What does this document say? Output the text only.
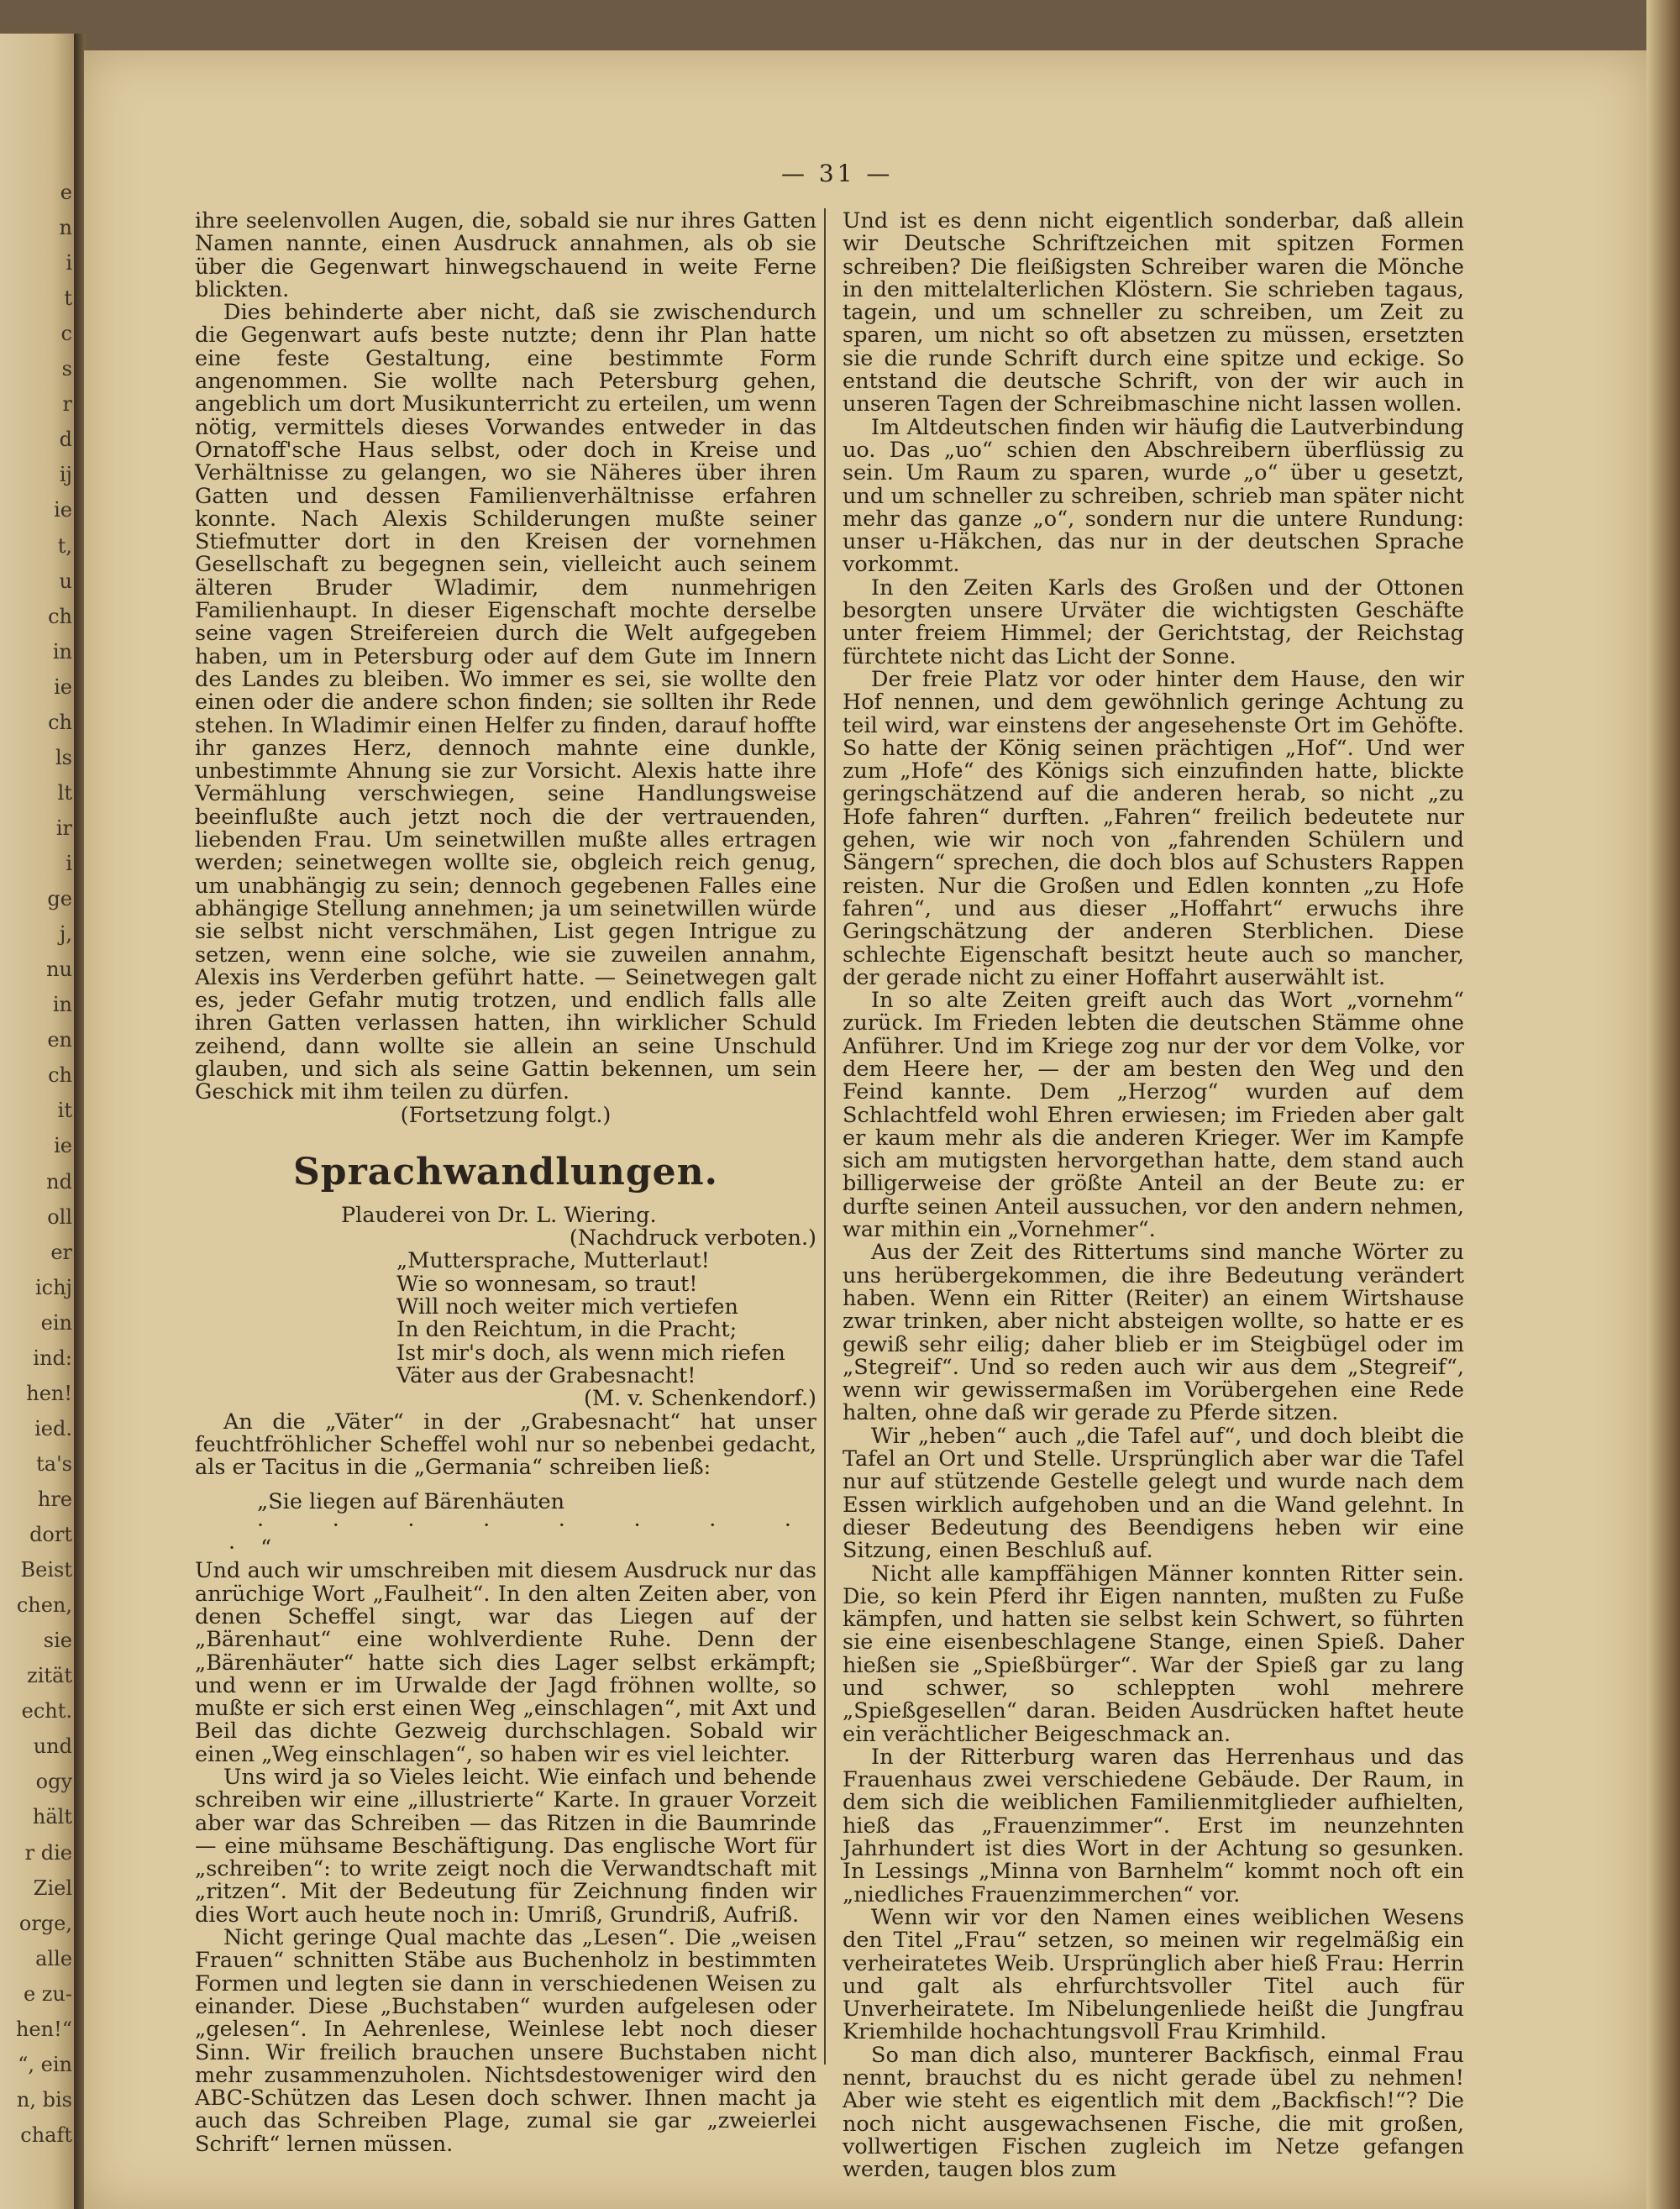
e
n
i
t
c
s
r
d
ij
ie
t,
u
ch
in
ie
ch
ls
lt
ir
i
ge
j,
nu
in
en
ch
it
ie
nd
oll
er
ichj
ein
ind:
hen!
ied.
ta's
hre
dort
Beist
chen,
sie
zität
echt.
und
ogy
hält
r die
Ziel
orge,
alle
e zu-
hen!“
“, ein
n, bis
chaft
— 31 —

ihre seelenvollen Augen, die, sobald sie nur ihres Gatten Namen nannte, einen Ausdruck annahmen, als ob sie über die Gegenwart hinwegschauend in weite Ferne blickten.

Dies behinderte aber nicht, daß sie zwischendurch die Gegenwart aufs beste nutzte; denn ihr Plan hatte eine feste Gestaltung, eine bestimmte Form angenommen. Sie wollte nach Petersburg gehen, angeblich um dort Musikunterricht zu erteilen, um wenn nötig, vermittels dieses Vorwandes entweder in das Ornatoff'sche Haus selbst, oder doch in Kreise und Verhältnisse zu gelangen, wo sie Näheres über ihren Gatten und dessen Familienverhältnisse erfahren konnte. Nach Alexis Schilderungen mußte seiner Stiefmutter dort in den Kreisen der vornehmen Gesellschaft zu begegnen sein, vielleicht auch seinem älteren Bruder Wladimir, dem nunmehrigen Familienhaupt. In dieser Eigenschaft mochte derselbe seine vagen Streifereien durch die Welt aufgegeben haben, um in Petersburg oder auf dem Gute im Innern des Landes zu bleiben. Wo immer es sei, sie wollte den einen oder die andere schon finden; sie sollten ihr Rede stehen. In Wladimir einen Helfer zu finden, darauf hoffte ihr ganzes Herz, dennoch mahnte eine dunkle, unbestimmte Ahnung sie zur Vorsicht. Alexis hatte ihre Vermählung verschwiegen, seine Handlungsweise beeinflußte auch jetzt noch die der vertrauenden, liebenden Frau. Um seinetwillen mußte alles ertragen werden; seinetwegen wollte sie, obgleich reich genug, um unabhängig zu sein; dennoch gegebenen Falles eine abhängige Stellung annehmen; ja um seinetwillen würde sie selbst nicht verschmähen, List gegen Intrigue zu setzen, wenn eine solche, wie sie zuweilen annahm, Alexis ins Verderben geführt hatte. — Seinetwegen galt es, jeder Gefahr mutig trotzen, und endlich falls alle ihren Gatten verlassen hatten, ihn wirklicher Schuld zeihend, dann wollte sie allein an seine Unschuld glauben, und sich als seine Gattin bekennen, um sein Geschick mit ihm teilen zu dürfen.

(Fortsetzung folgt.)

Sprachwandlungen.

Plauderei von Dr. L. Wiering.

(Nachdruck verboten.)

„Muttersprache, Mutterlaut!
Wie so wonnesam, so traut!
Will noch weiter mich vertiefen
In den Reichtum, in die Pracht;
Ist mir's doch, als wenn mich riefen
Väter aus der Grabesnacht!
(M. v. Schenkendorf.)

An die „Väter“ in der „Grabesnacht“ hat unser feuchtfröhlicher Scheffel wohl nur so nebenbei gedacht, als er Tacitus in die „Germania“ schreiben ließ:

„Sie liegen auf Bärenhäuten

· · · · · · · · ·“

Und auch wir umschreiben mit diesem Ausdruck nur das anrüchige Wort „Faulheit“. In den alten Zeiten aber, von denen Scheffel singt, war das Liegen auf der „Bärenhaut“ eine wohlverdiente Ruhe. Denn der „Bärenhäuter“ hatte sich dies Lager selbst erkämpft; und wenn er im Urwalde der Jagd fröhnen wollte, so mußte er sich erst einen Weg „einschlagen“, mit Axt und Beil das dichte Gezweig durchschlagen. Sobald wir einen „Weg einschlagen“, so haben wir es viel leichter.

Uns wird ja so Vieles leicht. Wie einfach und behende schreiben wir eine „illustrierte“ Karte. In grauer Vorzeit aber war das Schreiben — das Ritzen in die Baumrinde — eine mühsame Beschäftigung. Das englische Wort für „schreiben“: to write zeigt noch die Verwandtschaft mit „ritzen“. Mit der Bedeutung für Zeichnung finden wir dies Wort auch heute noch in: Umriß, Grundriß, Aufriß.

Nicht geringe Qual machte das „Lesen“. Die „weisen Frauen“ schnitten Stäbe aus Buchenholz in bestimmten Formen und legten sie dann in verschiedenen Weisen zu einander. Diese „Buchstaben“ wurden aufgelesen oder „gelesen“. In Aehrenlese, Weinlese lebt noch dieser Sinn. Wir freilich brauchen unsere Buchstaben nicht mehr zusammenzuholen. Nichtsdestoweniger wird den ABC-Schützen das Lesen doch schwer. Ihnen macht ja auch das Schreiben Plage, zumal sie gar „zweierlei Schrift“ lernen müssen.

Und ist es denn nicht eigentlich sonderbar, daß allein wir Deutsche Schriftzeichen mit spitzen Formen schreiben? Die fleißigsten Schreiber waren die Mönche in den mittelalterlichen Klöstern. Sie schrieben tagaus, tagein, und um schneller zu schreiben, um Zeit zu sparen, um nicht so oft absetzen zu müssen, ersetzten sie die runde Schrift durch eine spitze und eckige. So entstand die deutsche Schrift, von der wir auch in unseren Tagen der Schreibmaschine nicht lassen wollen.

Im Altdeutschen finden wir häufig die Lautverbindung uo. Das „uo“ schien den Abschreibern überflüssig zu sein. Um Raum zu sparen, wurde „o“ über u gesetzt, und um schneller zu schreiben, schrieb man später nicht mehr das ganze „o“, sondern nur die untere Rundung: unser u-Häkchen, das nur in der deutschen Sprache vorkommt.

In den Zeiten Karls des Großen und der Ottonen besorgten unsere Urväter die wichtigsten Geschäfte unter freiem Himmel; der Gerichtstag, der Reichstag fürchtete nicht das Licht der Sonne.

Der freie Platz vor oder hinter dem Hause, den wir Hof nennen, und dem gewöhnlich geringe Achtung zu teil wird, war einstens der angesehenste Ort im Gehöfte. So hatte der König seinen prächtigen „Hof“. Und wer zum „Hofe“ des Königs sich einzufinden hatte, blickte geringschätzend auf die anderen herab, so nicht „zu Hofe fahren“ durften. „Fahren“ freilich bedeutete nur gehen, wie wir noch von „fahrenden Schülern und Sängern“ sprechen, die doch blos auf Schusters Rappen reisten. Nur die Großen und Edlen konnten „zu Hofe fahren“, und aus dieser „Hoffahrt“ erwuchs ihre Geringschätzung der anderen Sterblichen. Diese schlechte Eigenschaft besitzt heute auch so mancher, der gerade nicht zu einer Hoffahrt auserwählt ist.

In so alte Zeiten greift auch das Wort „vornehm“ zurück. Im Frieden lebten die deutschen Stämme ohne Anführer. Und im Kriege zog nur der vor dem Volke, vor dem Heere her, — der am besten den Weg und den Feind kannte. Dem „Herzog“ wurden auf dem Schlachtfeld wohl Ehren erwiesen; im Frieden aber galt er kaum mehr als die anderen Krieger. Wer im Kampfe sich am mutigsten hervorgethan hatte, dem stand auch billigerweise der größte Anteil an der Beute zu: er durfte seinen Anteil aussuchen, vor den andern nehmen, war mithin ein „Vornehmer“.

Aus der Zeit des Rittertums sind manche Wörter zu uns herübergekommen, die ihre Bedeutung verändert haben. Wenn ein Ritter (Reiter) an einem Wirtshause zwar trinken, aber nicht absteigen wollte, so hatte er es gewiß sehr eilig; daher blieb er im Steigbügel oder im „Stegreif“. Und so reden auch wir aus dem „Stegreif“, wenn wir gewissermaßen im Vorübergehen eine Rede halten, ohne daß wir gerade zu Pferde sitzen.

Wir „heben“ auch „die Tafel auf“, und doch bleibt die Tafel an Ort und Stelle. Ursprünglich aber war die Tafel nur auf stützende Gestelle gelegt und wurde nach dem Essen wirklich aufgehoben und an die Wand gelehnt. In dieser Bedeutung des Beendigens heben wir eine Sitzung, einen Beschluß auf.

Nicht alle kampffähigen Männer konnten Ritter sein. Die, so kein Pferd ihr Eigen nannten, mußten zu Fuße kämpfen, und hatten sie selbst kein Schwert, so führten sie eine eisenbeschlagene Stange, einen Spieß. Daher hießen sie „Spießbürger“. War der Spieß gar zu lang und schwer, so schleppten wohl mehrere „Spießgesellen“ daran. Beiden Ausdrücken haftet heute ein verächtlicher Beigeschmack an.

In der Ritterburg waren das Herrenhaus und das Frauenhaus zwei verschiedene Gebäude. Der Raum, in dem sich die weiblichen Familienmitglieder aufhielten, hieß das „Frauenzimmer“. Erst im neunzehnten Jahrhundert ist dies Wort in der Achtung so gesunken. In Lessings „Minna von Barnhelm“ kommt noch oft ein „niedliches Frauenzimmerchen“ vor.

Wenn wir vor den Namen eines weiblichen Wesens den Titel „Frau“ setzen, so meinen wir regelmäßig ein verheiratetes Weib. Ursprünglich aber hieß Frau: Herrin und galt als ehrfurchtsvoller Titel auch für Unverheiratete. Im Nibelungenliede heißt die Jungfrau Kriemhilde hochachtungsvoll Frau Krimhild.

So man dich also, munterer Backfisch, einmal Frau nennt, brauchst du es nicht gerade übel zu nehmen! Aber wie steht es eigentlich mit dem „Backfisch!“? Die noch nicht ausgewachsenen Fische, die mit großen, vollwertigen Fischen zugleich im Netze gefangen werden, taugen blos zum
